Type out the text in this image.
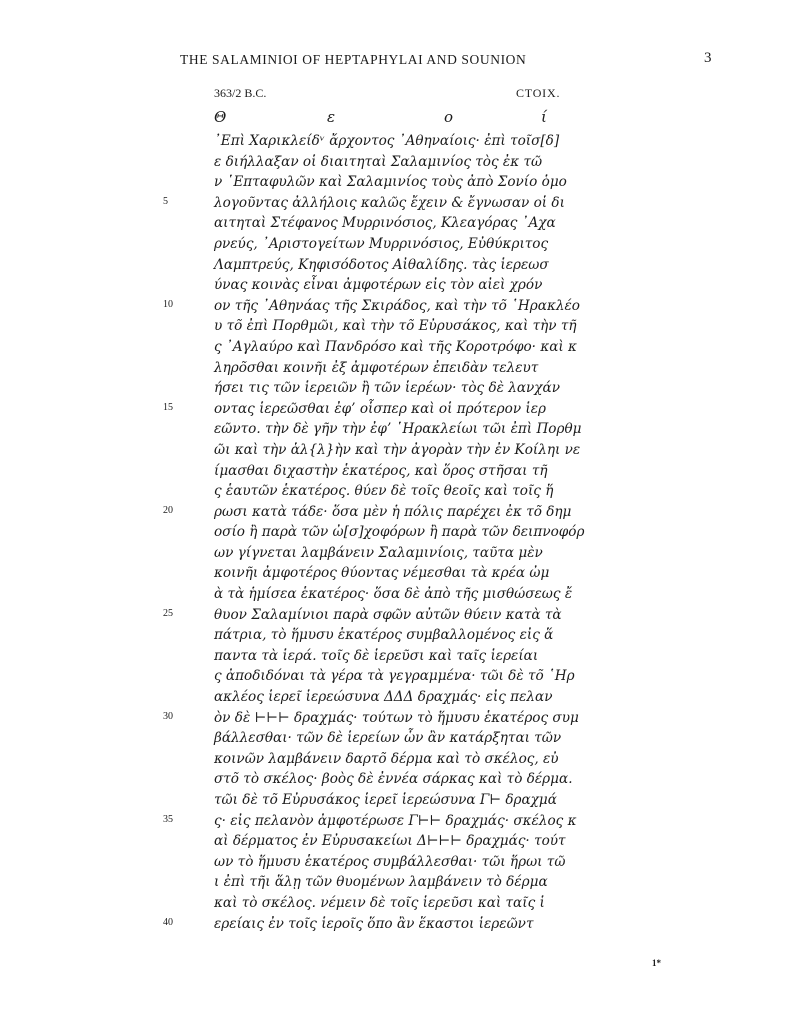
THE SALAMINIOI OF HEPTAPHYLAI AND SOUNION	3
363/2 B.C.	CTOIX.
Θ	ε	ο	ί
᾿Επὶ Χαρικλείδᵛ ἄρχοντος ᾿Αθηναίοις· ἐπὶ τοῖσ[δ]
ε διήλλαξαν οἱ διαιτηταὶ Σαλαμινίος τὸς ἐκ τῶ
ν ῾Επταφυλῶν καὶ Σαλαμινίος τοὺς ἀπὸ Σονίο ὁμο
5	λογοῦντας ἀλλήλοις καλῶς ἔχειν & ἔγνωσαν οἱ δι
αιτηταὶ Στέφανος Μυρρινόσιος, Κλεαγόρας ᾿Αχα
ρνεύς, ᾿Αριστογείτων Μυρρινόσιος, Εὐθύκριτος
Λαμπτρεύς, Κηφισόδοτος Αἰθαλίδης. τὰς ἱερεωσ
ύνας κοινὰς εἶναι ἀμφοτέρων εἰς τὸν αἰεὶ χρόν
10	ον τῆς ᾿Αθηνάας τῆς Σκιράδος, καὶ τὴν τõ ῾Ηρακλέο
υ τõ ἐπὶ Πορθμῶι, καὶ τὴν τõ Εὐρυσάκος, καὶ τὴν τῆ
ς ᾿Αγλαύρο καὶ Πανδρόσο καὶ τῆς Κοροτρόφο· καὶ κ
ληρõσθαι κοινῆι ἐξ ἀμφοτέρων ἐπειδὰν τελευτ
ήσει τις τῶν ἱερειῶν ἢ τῶν ἱερέων· τὸς δὲ λανχάν
15	οντας ἱερεῶσθαι ἐφ’ οἷσπερ καὶ οἱ πρότερον ἱερ
εῶντο. τὴν δὲ γῆν τὴν ἐφ’ ῾Ηρακλείωι τῶι ἐπὶ Πορθμ
ῶι καὶ τὴν ἁλ{λ}ὴν καὶ τὴν ἀγορὰν τὴν ἐν Κοίληι νε
ίμασθαι διχαστὴν ἑκατέρος, καὶ ὅρος στῆσαι τῆ
ς ἑαυτῶν ἑκατέρος. θύεν δὲ τοῖς θεοῖς καὶ τοῖς ἥ
20	ρωσι κατὰ τάδε· ὅσα μὲν ἡ πόλις παρέχει ἐκ τõ δημ
οσίο ἢ παρὰ τῶν ὠ[σ]χοφόρων ἢ παρὰ τῶν δειπνοφόρ
ων γίγνεται λαμβάνειν Σαλαμινίοις, ταῦτα μὲν
κοινῆι ἀμφοτέρος θύοντας νέμεσθαι τὰ κρέα ὠμ
ὰ τὰ ἡμίσεα ἑκατέρος· ὅσα δὲ ἀπὸ τῆς μισθώσεως ἔ
25	θυον Σαλαμίνιοι παρὰ σφῶν αὐτῶν θύειν κατὰ τὰ
πάτρια, τὸ ἥμυσυ ἑκατέρος συμβαλλομένος εἰς ἅ
παντα τὰ ἱερά. τοῖς δὲ ἱερεῦσι καὶ ταῖς ἱερείαι
ς ἀποδιδόναι τὰ γέρα τὰ γεγραμμένα· τῶι δὲ τõ ῾Ηρ
ακλέος ἱερεῖ ἱερεώσυνα ΔΔΔ δραχμάς· εἰς πελαν
30	ὸν δὲ ⊢⊢⊢ δραχμάς· τούτων τὸ ἥμυσυ ἑκατέρος συμ
βάλλεσθαι· τῶν δὲ ἱερείων ὧν ἂν κατάρξηται τῶν
κοινῶν λαμβάνειν δαρτõ δέρμα καὶ τὸ σκέλος, εὐ
στõ τὸ σκέλος· βοὸς δὲ ἐννέα σάρκας καὶ τὸ δέρμα.
τῶι δὲ τõ Εὐρυσάκος ἱερεῖ ἱερεώσυνα Γ⊢ δραχμά
35	ς· εἰς πελανὸν ἀμφοτέρωσε Γ⊢⊢ δραχμάς· σκέλος κ
αὶ δέρματος ἐν Εὐρυσακείωι Δ⊢⊢⊢ δραχμάς· τούτ
ων τὸ ἥμυσυ ἑκατέρος συμβάλλεσθαι· τῶι ἥρωι τῶ
ι ἐπὶ τῆι ἅλῃ τῶν θυομένων λαμβάνειν τὸ δέρμα
καὶ τὸ σκέλος. νέμειν δὲ τοῖς ἱερεῦσι καὶ ταῖς ἱ
40	ερείαις ἐν τοῖς ἱεροῖς ὅπο ἂν ἕκαστοι ἱερεῶντ
1*
